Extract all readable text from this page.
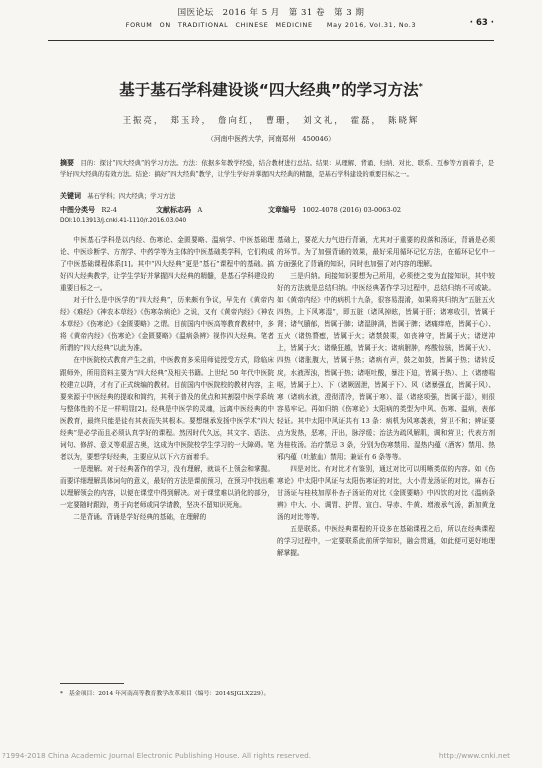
国医论坛　2016 年 5 月　第 31 卷　第 3 期
FORUM　ON　TRADITIONAL　CHINESE　MEDICINE　　May 2016, Vol.31, No.3	· 63 ·
基于基石学科建设谈“四大经典”的学习方法*
王振亮，　郑玉玲，　詹向红，　曹珊，　刘文礼，　霍磊，　陈晓辉
（河南中医药大学，河南郑州　450046）
摘要　 目的：探讨“四大经典”的学习方法。方法：依据多年教学经验，结合教材进行总结。结果：从理解、背诵、归纳、对比、联系、互参等方面着手，是学好四大经典的有效方法。结论：搞好“四大经典”教学，让学生学好并掌握四大经典的精髓，是基石学科建设的重要目标之一。
关键词　 基石学科；四大经典；学习方法
中图分类号　 R2-4	文献标志码　 A	文章编号　 1002-4078 (2016) 03-0063-02
DOI:10.13913/j.cnki.41-1110/r.2016.03.040

中医基石学科是以内经、伤寒论、金匮要略、温病学、中医基础理论、中医诊断学、方剂学、中药学等为主体的中医基础类学科，它们构成了中医基础课程体系[1]。其中“四大经典”更是“基石”课程中的基础。搞好四大经典教学，让学生学好并掌握四大经典的精髓，是基石学科建设的重要目标之一。

对于什么是中医学的“四大经典”，历来颇有争议，早先有《黄帝内经》《难经》《神农本草经》《伤寒杂病论》之说，又有《黄帝内经》《神农本草经》《伤寒论》《金匮要略》之谓。目前国内中医高等教育教材中，多将《黄帝内经》《伤寒论》《金匮要略》《温病条辨》视作四大经典。笔者所谓的“四大经典”以此为准。

在中医院校式教育产生之前，中医教育多采用师徒授受方式，除临床跟师外，所用资料主要为“四大经典”及相关书籍。上世纪 50 年代中医院校建立以降，才有了正式统编的教材。目前国内中医院校的教材内容，主要来源于中医经典的提取和简约，其利于普及的优点和其割裂中医学系统与整体性的不足一样明显[2]。经典是中医学的灵魂，远离中医经典的中医教育，最终只能是徒有其表而失其根本。要想继承发扬中医学术“四大经典”是必学而且必须认真学好的课程。然因时代久远，其文字、语法、词句、修辞、意义等艰涩古奥，这成为中医院校学生学习的一大障碍。笔者以为，要想学好经典，主要应从以下六方面着手。

一是理解。对于经典著作的学习，没有理解，就谈不上领会和掌握。而要详细理解具体词句的意义，最好的方法是课前预习，在预习中找出难以理解领会的内容，以便在课堂中得到解决。对于课堂难以消化的部分，一定要随时跟踪，勇于向老师或同学请教，坚决不留知识死角。

二是背诵。背诵是学好经典的基础，在理解的

基础上，要花大力气进行背诵，尤其对于重要的段落和汤证，背诵是必须的环节。为了加强背诵的效果，最好采用循环记忆方法，在循环记忆中一方面强化了背诵的知识，同时也加强了对内容的理解。

三是归纳。间接知识要想为己所用，必须使之变为直接知识，其中较好的方法就是总结归纳。中医经典著作学习过程中，总结归纳不可或缺。如《黄帝内经》中的病机十九条，很容易混淆，如果将其归纳为“五脏五火四热，上下风寒湿”，即五脏（诸风掉眩，皆属于肝；诸寒收引，皆属于肾；诸气膹郁，皆属于肺；诸湿肿满，皆属于脾；诸痛痒疮，皆属于心）、五火（诸热瞀瘛，皆属于火；诸禁鼓栗，如丧神守，皆属于火；诸逆冲上，皆属于火；诸燥狂越，皆属于火；诸病胕肿，疼酸惊骇，皆属于火）、四热（诸胀腹大，皆属于热；诸病有声，鼓之如鼓，皆属于热；诸转反戾，水液浑浊，皆属于热；诸呕吐酸，暴注下迫，皆属于热）、上（诸痿喘呕，皆属于上）、下（诸厥固泄，皆属于下）、风（诸暴强直，皆属于风）、寒（诸病水液，澄彻清冷，皆属于寒）、湿（诸痉项强，皆属于湿），则很容易牢记。再如归纳《伤寒论》太阳病的类型为中风、伤寒、温病，表郁轻证。其中太阳中风证共有 13 条：病机为风寒袭表，营卫不和；辨证要点为发热，恶寒，汗出，脉浮缓；治法为疏风解肌，调和营卫；代表方剂为桂枝汤。治疗禁忌 3 条，分别为伤寒禁用、湿热内蕴（酒客）禁用、热邪内蕴（吐脓血）禁用；兼证有 6 条等等。

四是对比。有对比才有鉴别，通过对比可以明晰类似的内容。如《伤寒论》中太阳中风证与太阳伤寒证的对比，大小青龙汤证的对比，麻杏石甘汤证与桂枝加厚朴杏子汤证的对比《金匮要略》中四饮的对比《温病条辨》中大、小、调胃、护胃、宣白、导赤、牛黄、增液承气汤，新加黄龙汤的对比等等。

五是联系。中医经典课程的开设多在基础课程之后，所以在经典课程的学习过程中，一定要联系此前所学知识，融会贯通，如此便可更好地理解掌握。

*　 基金项目：2014 年河南高等教育教学改革项目（编号：2014SJGLX229）。
?1994-2018 China Academic Journal Electronic Publishing House. All rights reserved.	http://www.cnki.net
